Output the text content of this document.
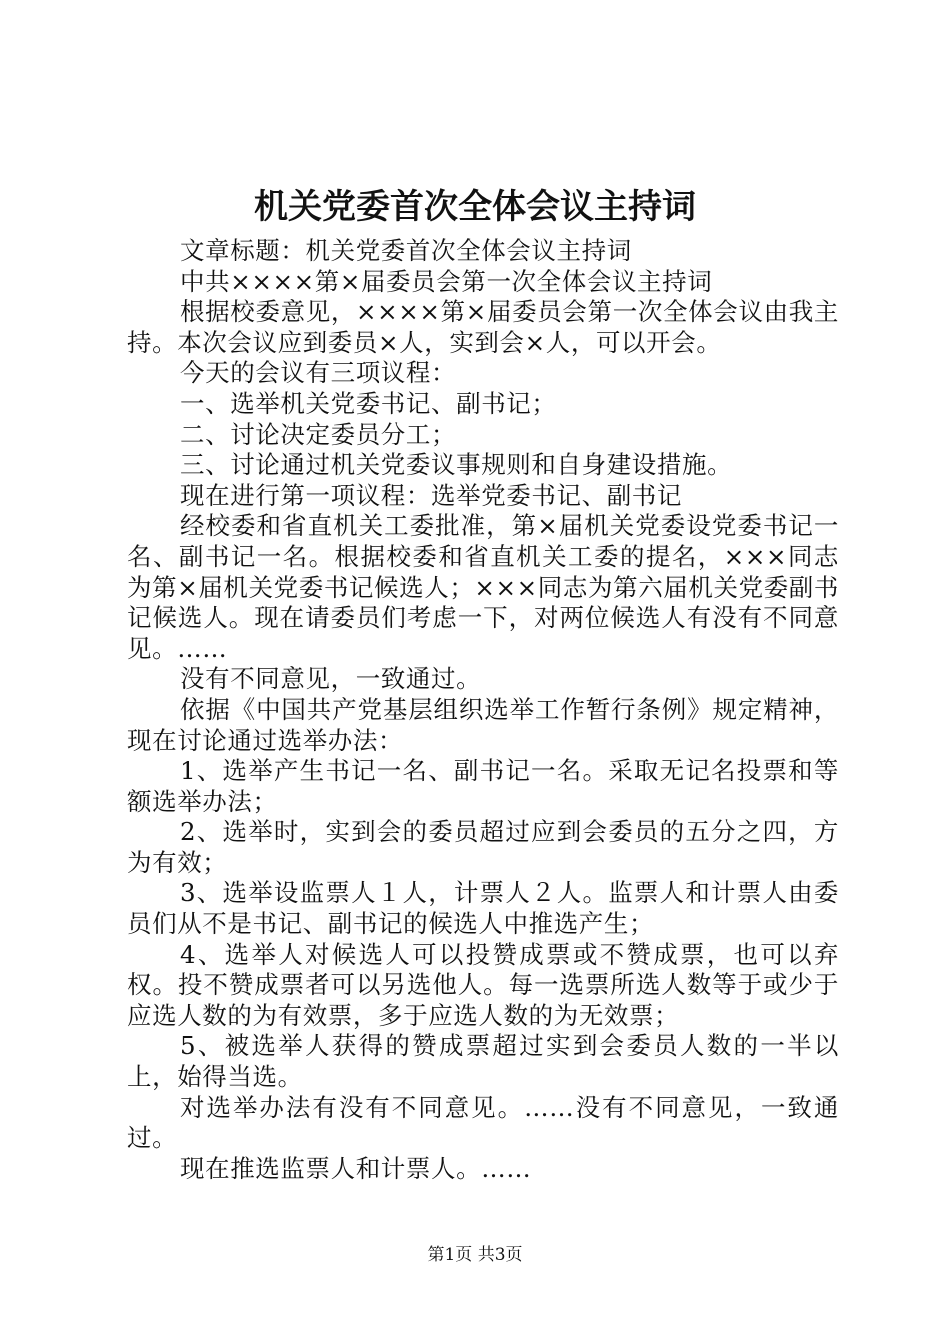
机关党委首次全体会议主持词

文章标题：机关党委首次全体会议主持词

中共××××第×届委员会第一次全体会议主持词

根据校委意见，××××第×届委员会第一次全体会议由我主持。本次会议应到委员×人，实到会×人，可以开会。

今天的会议有三项议程：

一、选举机关党委书记、副书记；

二、讨论决定委员分工；

三、讨论通过机关党委议事规则和自身建设措施。

现在进行第一项议程：选举党委书记、副书记

经校委和省直机关工委批准，第×届机关党委设党委书记一名、副书记一名。根据校委和省直机关工委的提名，×××同志为第×届机关党委书记候选人；×××同志为第六届机关党委副书记候选人。现在请委员们考虑一下，对两位候选人有没有不同意见。……

没有不同意见，一致通过。

依据《中国共产党基层组织选举工作暂行条例》规定精神，现在讨论通过选举办法：

1、选举产生书记一名、副书记一名。采取无记名投票和等额选举办法；

2、选举时，实到会的委员超过应到会委员的五分之四，方为有效；

3、选举设监票人１人，计票人２人。监票人和计票人由委员们从不是书记、副书记的候选人中推选产生；

4、选举人对候选人可以投赞成票或不赞成票，也可以弃权。投不赞成票者可以另选他人。每一选票所选人数等于或少于应选人数的为有效票，多于应选人数的为无效票；

5、被选举人获得的赞成票超过实到会委员人数的一半以上，始得当选。

对选举办法有没有不同意见。……没有不同意见，一致通过。

现在推选监票人和计票人。……

第1页 共3页
